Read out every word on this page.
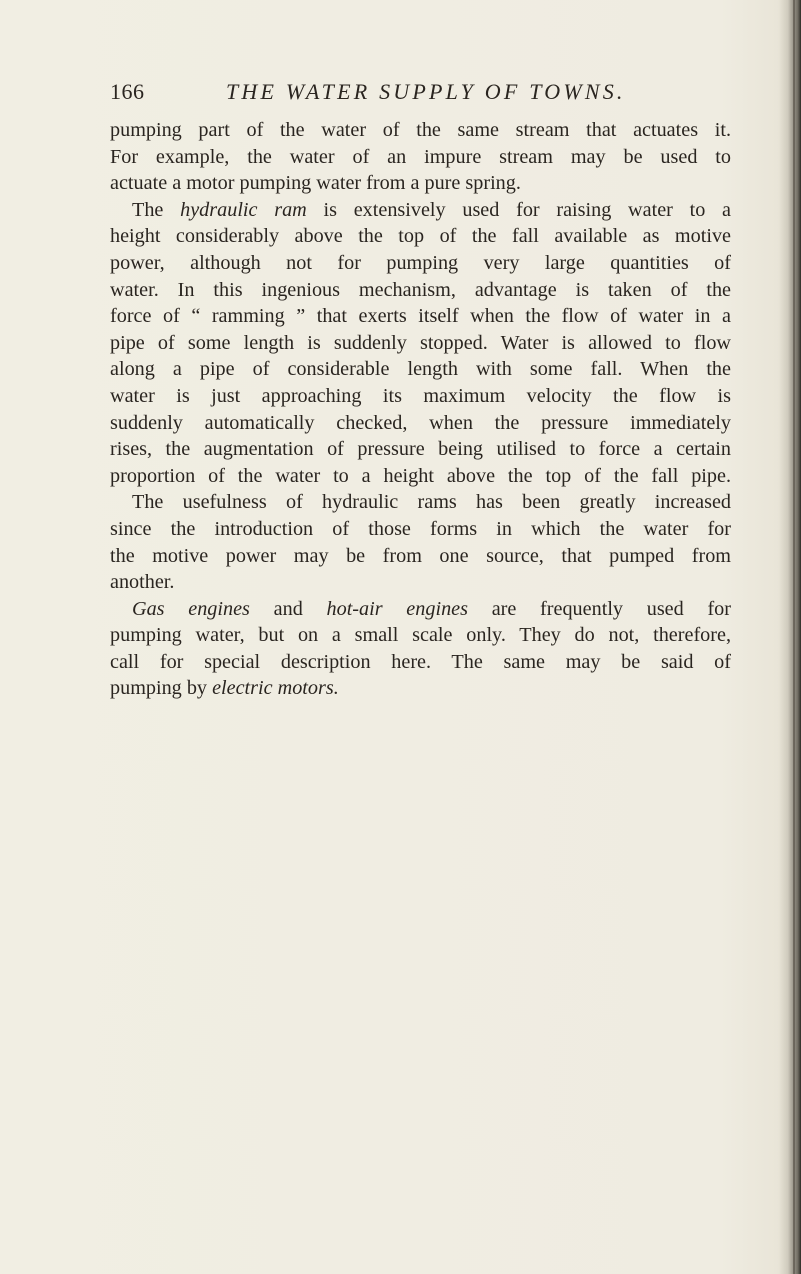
166	THE WATER SUPPLY OF TOWNS.
pumping part of the water of the same stream that actuates it.
For example, the water of an impure stream may be used to
actuate a motor pumping water from a pure spring.
The hydraulic ram is extensively used for raising water to a
height considerably above the top of the fall available as motive
power, although not for pumping very large quantities of
water. In this ingenious mechanism, advantage is taken of the
force of “ ramming ” that exerts itself when the flow of water in a
pipe of some length is suddenly stopped. Water is allowed to flow
along a pipe of considerable length with some fall. When the
water is just approaching its maximum velocity the flow is
suddenly automatically checked, when the pressure immediately
rises, the augmentation of pressure being utilised to force a certain
proportion of the water to a height above the top of the fall pipe.
The usefulness of hydraulic rams has been greatly increased
since the introduction of those forms in which the water for
the motive power may be from one source, that pumped from
another.
Gas engines and hot-air engines are frequently used for
pumping water, but on a small scale only. They do not, therefore,
call for special description here. The same may be said of
pumping by electric motors.
